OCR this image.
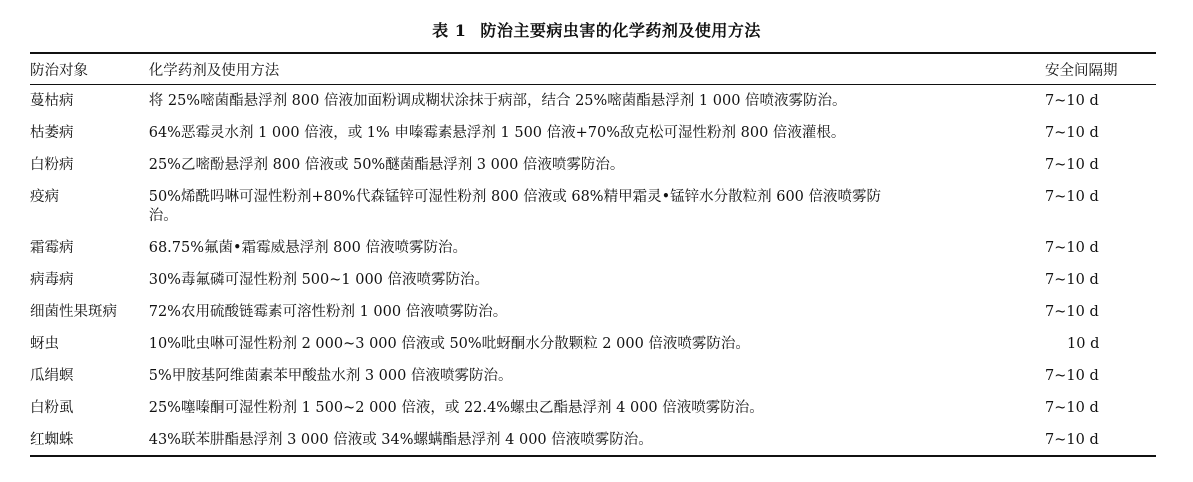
表 1 防治主要病虫害的化学药剂及使用方法
防治对象	化学药剂及使用方法	安全间隔期
蔓枯病	将 25%嘧菌酯悬浮剂 800 倍液加面粉调成糊状涂抹于病部，结合 25%嘧菌酯悬浮剂 1 000 倍喷液雾防治。	7~10 d
枯萎病	64%恶霉灵水剂 1 000 倍液，或 1% 申嗪霉素悬浮剂 1 500 倍液+70%敌克松可湿性粉剂 800 倍液灌根。	7~10 d
白粉病	25%乙嘧酚悬浮剂 800 倍液或 50%醚菌酯悬浮剂 3 000 倍液喷雾防治。	7~10 d
疫病	50%烯酰吗啉可湿性粉剂+80%代森锰锌可湿性粉剂 800 倍液或 68%精甲霜灵•锰锌水分散粒剂 600 倍液喷雾防治。	7~10 d
霜霉病	68.75%氟菌•霜霉威悬浮剂 800 倍液喷雾防治。	7~10 d
病毒病	30%毒氟磷可湿性粉剂 500~1 000 倍液喷雾防治。	7~10 d
细菌性果斑病	72%农用硫酸链霉素可溶性粉剂 1 000 倍液喷雾防治。	7~10 d
蚜虫	10%吡虫啉可湿性粉剂 2 000~3 000 倍液或 50%吡蚜酮水分散颗粒 2 000 倍液喷雾防治。	10 d
瓜绢螟	5%甲胺基阿维菌素苯甲酸盐水剂 3 000 倍液喷雾防治。	7~10 d
白粉虱	25%噻嗪酮可湿性粉剂 1 500~2 000 倍液，或 22.4%螺虫乙酯悬浮剂 4 000 倍液喷雾防治。	7~10 d
红蜘蛛	43%联苯肼酯悬浮剂 3 000 倍液或 34%螺螨酯悬浮剂 4 000 倍液喷雾防治。	7~10 d
